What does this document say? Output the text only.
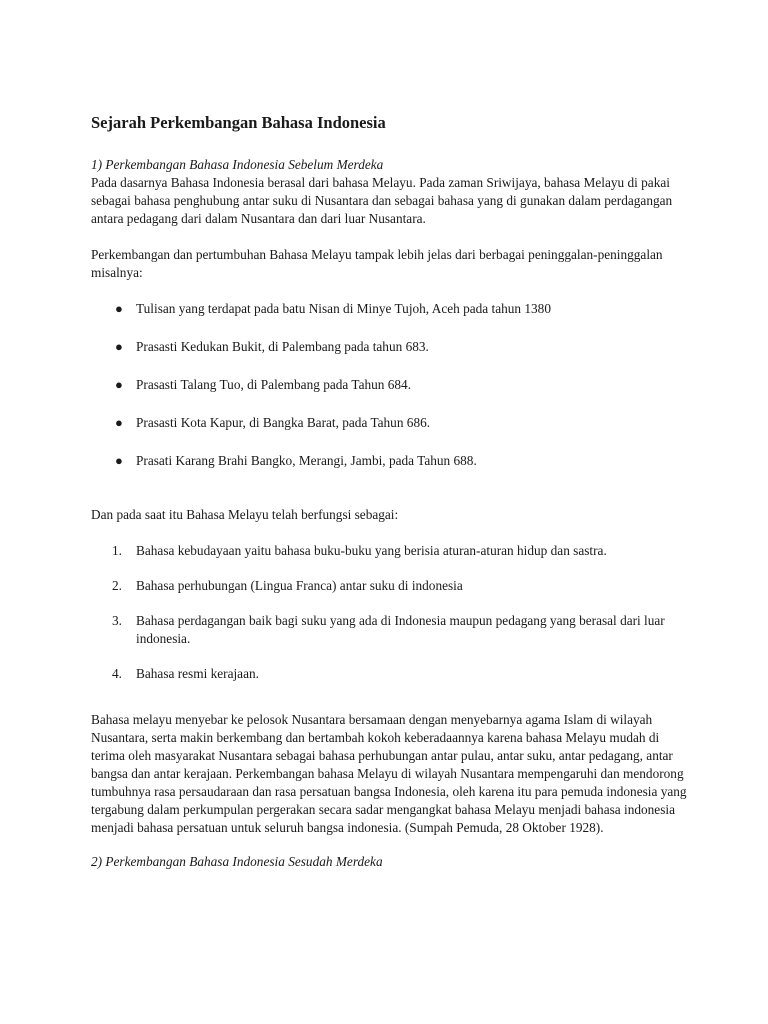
Sejarah Perkembangan Bahasa Indonesia

1) Perkembangan Bahasa Indonesia Sebelum Merdeka

Pada dasarnya Bahasa Indonesia berasal dari bahasa Melayu. Pada zaman Sriwijaya, bahasa Melayu di pakai sebagai bahasa penghubung antar suku di Nusantara dan sebagai bahasa yang di gunakan dalam perdagangan antara pedagang dari dalam Nusantara dan dari luar Nusantara.

Perkembangan dan pertumbuhan Bahasa Melayu tampak lebih jelas dari berbagai peninggalan-peninggalan misalnya:

● Tulisan yang terdapat pada batu Nisan di Minye Tujoh, Aceh pada tahun 1380
● Prasasti Kedukan Bukit, di Palembang pada tahun 683.
● Prasasti Talang Tuo, di Palembang pada Tahun 684.
● Prasasti Kota Kapur, di Bangka Barat, pada Tahun 686.
● Prasati Karang Brahi Bangko, Merangi, Jambi, pada Tahun 688.

Dan pada saat itu Bahasa Melayu telah berfungsi sebagai:

1. Bahasa kebudayaan yaitu bahasa buku-buku yang berisia aturan-aturan hidup dan sastra.
2. Bahasa perhubungan (Lingua Franca) antar suku di indonesia
3. Bahasa perdagangan baik bagi suku yang ada di Indonesia maupun pedagang yang berasal dari luar indonesia.
4. Bahasa resmi kerajaan.

Bahasa melayu menyebar ke pelosok Nusantara bersamaan dengan menyebarnya agama Islam di wilayah Nusantara, serta makin berkembang dan bertambah kokoh keberadaannya karena bahasa Melayu mudah di terima oleh masyarakat Nusantara sebagai bahasa perhubungan antar pulau, antar suku, antar pedagang, antar bangsa dan antar kerajaan. Perkembangan bahasa Melayu di wilayah Nusantara mempengaruhi dan mendorong tumbuhnya rasa persaudaraan dan rasa persatuan bangsa Indonesia, oleh karena itu para pemuda indonesia yang tergabung dalam perkumpulan pergerakan secara sadar mengangkat bahasa Melayu menjadi bahasa indonesia menjadi bahasa persatuan untuk seluruh bangsa indonesia. (Sumpah Pemuda, 28 Oktober 1928).

2) Perkembangan Bahasa Indonesia Sesudah Merdeka
